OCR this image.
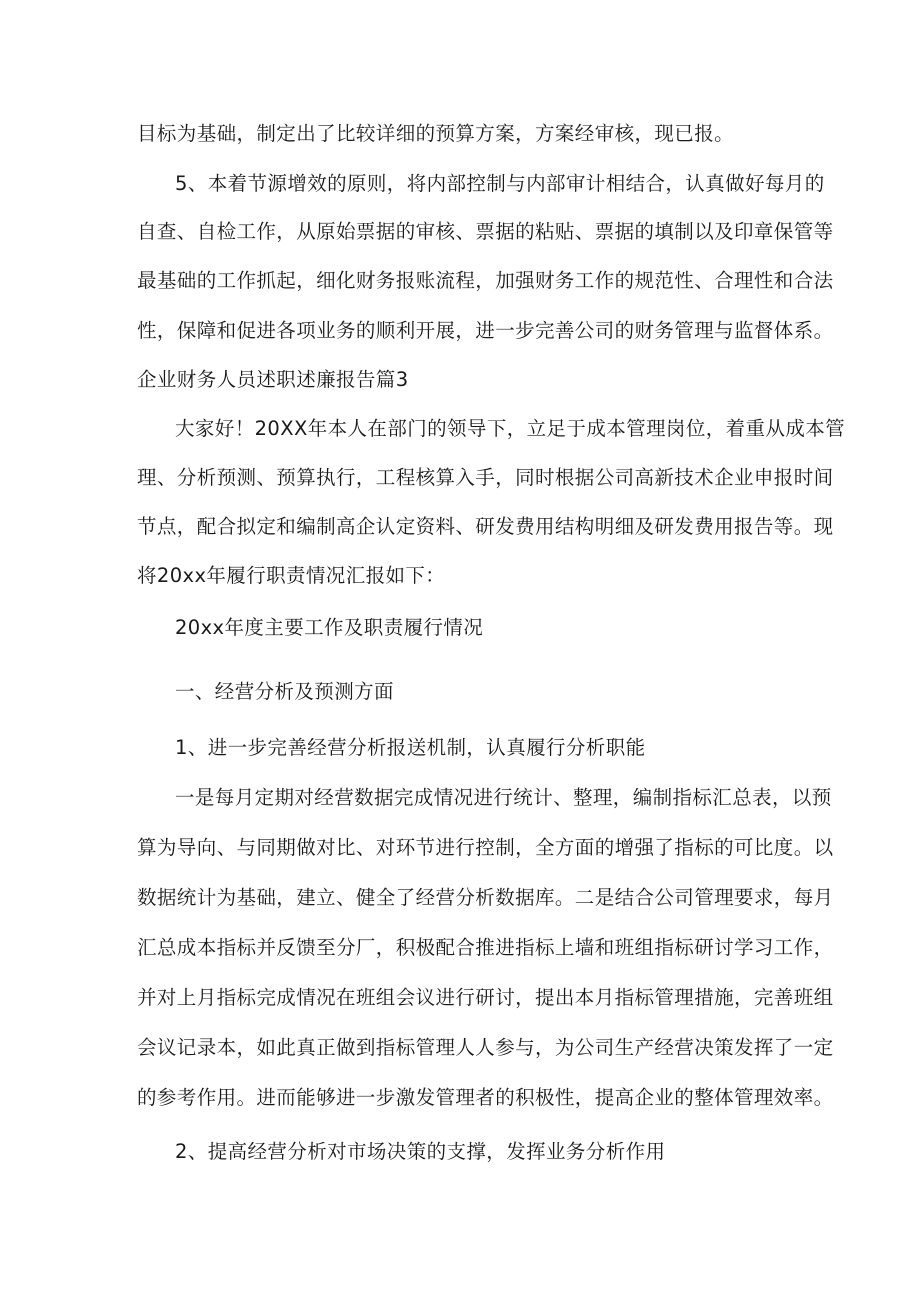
目标为基础，制定出了比较详细的预算方案，方案经审核，现已报。
5、本着节源增效的原则，将内部控制与内部审计相结合，认真做好每月的
自查、自检工作，从原始票据的审核、票据的粘贴、票据的填制以及印章保管等
最基础的工作抓起，细化财务报账流程，加强财务工作的规范性、合理性和合法
性，保障和促进各项业务的顺利开展，进一步完善公司的财务管理与监督体系。
企业财务人员述职述廉报告篇3
大家好！20XX年本人在部门的领导下，立足于成本管理岗位，着重从成本管
理、分析预测、预算执行，工程核算入手，同时根据公司高新技术企业申报时间
节点，配合拟定和编制高企认定资料、研发费用结构明细及研发费用报告等。现
将20xx年履行职责情况汇报如下：
20xx年度主要工作及职责履行情况
一、经营分析及预测方面
1、进一步完善经营分析报送机制，认真履行分析职能
一是每月定期对经营数据完成情况进行统计、整理，编制指标汇总表，以预
算为导向、与同期做对比、对环节进行控制，全方面的增强了指标的可比度。以
数据统计为基础，建立、健全了经营分析数据库。二是结合公司管理要求，每月
汇总成本指标并反馈至分厂，积极配合推进指标上墙和班组指标研讨学习工作，
并对上月指标完成情况在班组会议进行研讨，提出本月指标管理措施，完善班组
会议记录本，如此真正做到指标管理人人参与，为公司生产经营决策发挥了一定
的参考作用。进而能够进一步激发管理者的积极性，提高企业的整体管理效率。
2、提高经营分析对市场决策的支撑，发挥业务分析作用
